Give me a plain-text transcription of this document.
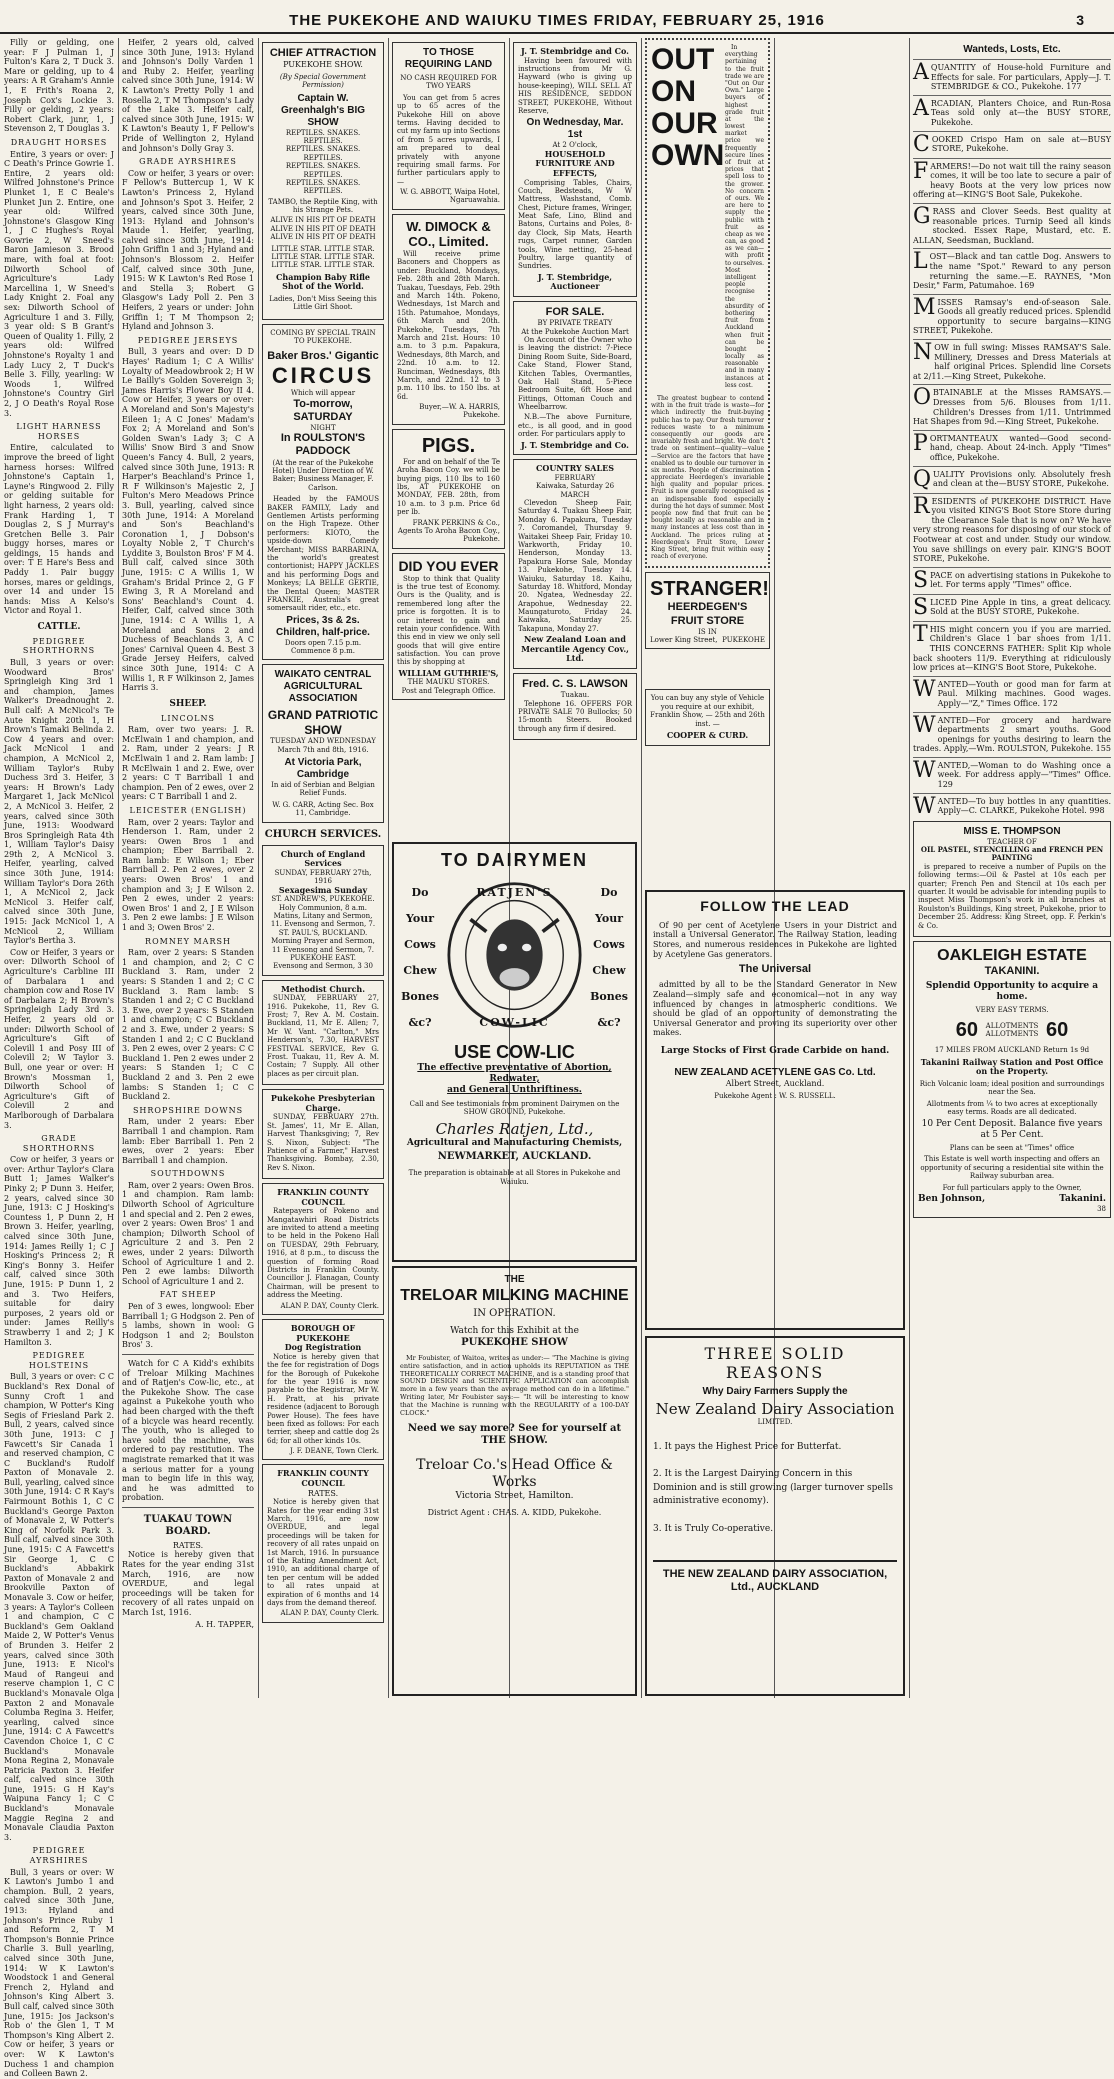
THE PUKEKOHE AND WAIUKU TIMES FRIDAY, FEBRUARY 25, 1916	3

Filly or gelding, one year: F J Pulman 1, J Fulton's Kara 2, T Duck 3. Mare or gelding, up to 4 years: A R Graham's Annie 1, E Frith's Roana 2, Joseph Cox's Lockie 3. Filly or gelding, 2 years: Robert Clark, junr, 1, J Stevenson 2, T Douglas 3.

DRAUGHT HORSES

Entire, 3 years or over: J C Death's Prince Gowrie 1. Entire, 2 years old: Wilfred Johnstone's Prince Plunket 1, E C Beale's Plunket Jun 2. Entire, one year old: Wilfred Johnstone's Glasgow King 1, J C Hughes's Royal Gowrie 2, W Sneed's Baron Jamieson 3. Brood mare, with foal at foot: Dilworth School of Agriculture's Lady Marcellina 1, W Sneed's Lady Knight 2. Foal any sex: Dilworth School of Agriculture 1 and 3. Filly, 3 year old: S B Grant's Queen of Quality 1. Filly, 2 years old: Wilfred Johnstone's Royalty 1 and Lady Lucy 2, T Duck's Belle 3. Filly, yearling: W Woods 1, Wilfred Johnstone's Country Girl 2, J O Death's Royal Rose 3.

LIGHT HARNESS HORSES

Entire, calculated to improve the breed of light harness horses: Wilfred Johnstone's Captain 1, Layne's Ringwood 2. Filly or gelding suitable for light harness, 2 years old: Frank Harding 1, T Douglas 2, S J Murray's Gretchen Belle 3. Pair buggy horses, mares or geldings, 15 hands and over: T E Hare's Bess and Paddy 1. Pair buggy horses, mares or geldings, over 14 and under 15 hands: Miss A Kelso's Victor and Royal 1.

CATTLE.
PEDIGREE SHORTHORNS

Bull, 3 years or over: Woodward Bros' Springleigh King 3rd 1 and champion, James Walker's Dreadnought 2. Bull calf: A McNicol's Te Aute Knight 20th 1, H Brown's Tamaki Belinda 2. Cow 4 years and over: Jack McNicol 1 and champion, A McNicol 2, William Taylor's Ruby Duchess 3rd 3. Heifer, 3 years: H Brown's Lady Margaret 1, Jack McNicol 2, A McNicol 3. Heifer, 2 years, calved since 30th June, 1913: Woodward Bros Springleigh Rata 4th 1, William Taylor's Daisy 29th 2, A McNicol 3. Heifer, yearling, calved since 30th June, 1914: William Taylor's Dora 26th 1, A McNicol 2, Jack McNicol 3. Heifer calf, calved since 30th June, 1915: Jack McNicol 1, A McNicol 2, William Taylor's Bertha 3.

Cow or Heifer, 3 years or over: Dilworth School of Agriculture's Carbline III of Darbalara 1 and champion cow and Rose IV of Darbalara 2; H Brown's Springleigh Lady 3rd 3. Heifer, 2 years old or under: Dilworth School of Agriculture's Gift of Colevill 1 and Posy III of Colevill 2; W Taylor 3. Bull, one year or over: H Brown's Mossman 1, Dilworth School of Agriculture's Gift of Colevill 2 and Marlborough of Darbalara 3.

GRADE SHORTHORNS

Cow or heifer, 3 years or over: Arthur Taylor's Clara Butt 1; James Walker's Pinky 2; P Dunn 3. Heifer, 2 years, calved since 30 June, 1913: C J Hosking's Countess 1, P Dunn 2, H Brown 3. Heifer, yearling, calved since 30th June, 1914: James Reilly 1; C J Hosking's Princess 2; R King's Bonny 3. Heifer calf, calved since 30th June, 1915: P Dunn 1, 2 and 3. Two Heifers, suitable for dairy purposes, 2 years old or under: James Reilly's Strawberry 1 and 2; J K Hamilton 3.

PEDIGREE HOLSTEINS

Bull, 3 years or over: C C Buckland's Rex Donal of Sunny Croft 1 and champion, W Potter's King Segis of Friesland Park 2. Bull, 2 years, calved since 30th June, 1913: C J Fawcett's Sir Canada 1 and reserved champion, C C Buckland's Rudolf Paxton of Monavale 2. Bull, yearling, calved since 30th June, 1914: C R Kay's Fairmount Bothis 1, C C Buckland's George Paxton of Monavale 2, W Potter's King of Norfolk Park 3. Bull calf, calved since 30th June, 1915: C A Fawcett's Sir George 1, C C Buckland's Abbakirk Paxton of Monavale 2 and Brookville Paxton of Monavale 3. Cow or heifer, 3 years: A Taylor's Colleen 1 and champion, C C Buckland's Gem Oakland Maide 2, W Potter's Venus of Brunden 3. Heifer 2 years, calved since 30th June, 1913: E Nicol's Maud of Rangeui and reserve champion 1, C C Buckland's Monavale Olga Paxton 2 and Monavale Columba Regina 3. Heifer, yearling, calved since June, 1914: C A Fawcett's Cavendon Choice 1, C C Buckland's Monavale Mona Regina 2, Monavale Patricia Paxton 3. Heifer calf, calved since 30th June, 1915: G H Kay's Waipuna Fancy 1; C C Buckland's Monavale Maggie Regina 2 and Monavale Claudia Paxton 3.

PEDIGREE AYRSHIRES

Bull, 3 years or over: W K Lawton's Jumbo 1 and champion. Bull, 2 years, calved since 30th June, 1913: Hyland and Johnson's Prince Ruby 1 and Reform 2, T M Thompson's Bonnie Prince Charlie 3. Bull yearling, calved since 30th June, 1914: W K Lawton's Woodstock 1 and General French 2, Hyland and Johnson's King Albert 3. Bull calf, calved since 30th June, 1915: Jos Jackson's Rob o' the Glen 1, T M Thompson's King Albert 2. Cow or heifer, 3 years or over: W K Lawton's Duchess 1 and champion and Colleen Bawn 2.

Heifer, 2 years old, calved since 30th June, 1913: Hyland and Johnson's Dolly Varden 1 and Ruby 2. Heifer, yearling calved since 30th June, 1914: W K Lawton's Pretty Polly 1 and Rosella 2, T M Thompson's Lady of the Lake 3. Heifer calf, calved since 30th June, 1915: W K Lawton's Beauty 1, F Pellow's Pride of Wellington 2, Hyland and Johnson's Dolly Gray 3.

GRADE AYRSHIRES

Cow or heifer, 3 years or over: F Pellow's Buttercup 1, W K Lawton's Princess 2, Hyland and Johnson's Spot 3. Heifer, 2 years, calved since 30th June, 1913: Hyland and Johnson's Maude 1. Heifer, yearling, calved since 30th June, 1914: John Griffin 1 and 3; Hyland and Johnson's Blossom 2. Heifer Calf, calved since 30th June, 1915: W K Lawton's Red Rose 1 and Stella 3; Robert G Glasgow's Lady Poll 2. Pen 3 Heifers, 2 years or under: John Griffin 1; T M Thompson 2; Hyland and Johnson 3.

PEDIGREE JERSEYS

Bull, 3 years and over: D D Hayes' Radium 1; C A Willis' Loyalty of Meadowbrook 2; H W Le Bailly's Golden Sovereign 3; James Harris's Flower Boy II 4. Cow or Heifer, 3 years or over: A Moreland and Son's Majesty's Eileen 1; A C Jones' Madam's Fox 2; A Moreland and Son's Golden Swan's Lady 3; C A Willis' Snow Bird 3 and Snow Queen's Fancy 4. Bull, 2 years, calved since 30th June, 1913: R Harper's Beachland's Prince 1, R F Wilkinson's Majestic 2, J Fulton's Mero Meadows Prince 3. Bull, yearling, calved since 30th June, 1914: A Moreland and Son's Beachland's Coronation 1, J Dobson's Loyalty Noble 2, T Church's Lyddite 3, Boulston Bros' F M 4. Bull calf, calved since 30th June, 1915: C A Willis 1, W Graham's Bridal Prince 2, G F Ewing 3, R A Moreland and Sons' Beachland's Count 4. Heifer, Calf, calved since 30th June, 1914: C A Willis 1, A Moreland and Sons 2 and Duchess of Beachlands 3, A C Jones' Carnival Queen 4. Best 3 Grade Jersey Heifers, calved since 30th June, 1914: C A Willis 1, R F Wilkinson 2, James Harris 3.

SHEEP.
LINCOLNS

Ram, over two years: J. R. McElwain 1 and champion, and 2. Ram, under 2 years: J R McElwain 1 and 2. Ram lamb: J R McElwain 1 and 2. Ewe, over 2 years: C T Barriball 1 and champion. Pen of 2 ewes, over 2 years: C T Barriball 1 and 2.

LEICESTER (ENGLISH)

Ram, over 2 years: Taylor and Henderson 1. Ram, under 2 years: Owen Bros 1 and champion; Eber Barriball 2. Ram lamb: E Wilson 1; Eber Barriball 2. Pen 2 ewes, over 2 years: Owen Bros' 1 and champion and 3; J E Wilson 2. Pen 2 ewes, under 2 years: Owen Bros' 1 and 2, J E Wilson 3. Pen 2 ewe lambs: J E Wilson 1 and 3; Owen Bros' 2.

ROMNEY MARSH

Ram, over 2 years: S Standen 1 and champion, and 2; C C Buckland 3. Ram, under 2 years: S Standen 1 and 2; C C Buckland 3. Ram lamb: S Standen 1 and 2; C C Buckland 3. Ewe, over 2 years: S Standen 1 and champion; C C Buckland 2 and 3. Ewe, under 2 years: S Standen 1 and 2; C C Buckland 3. Pen 2 ewes, over 2 years: C C Buckland 1. Pen 2 ewes under 2 years: S Standen 1; C C Buckland 2 and 3. Pen 2 ewe lambs: S Standen 1; C C Buckland 2.

SHROPSHIRE DOWNS

Ram, under 2 years: Eber Barriball 1 and champion. Ram lamb: Eber Barriball 1. Pen 2 ewes, over 2 years: Eber Barriball 1 and champion.

SOUTHDOWNS

Ram, over 2 years: Owen Bros. 1 and champion. Ram lamb: Dilworth School of Agriculture 1 and special and 2. Pen 2 ewes, over 2 years: Owen Bros' 1 and champion; Dilworth School of Agriculture 2 and 3. Pen 2 ewes, under 2 years: Dilworth School of Agriculture 1 and 2. Pen 2 ewe lambs: Dilworth School of Agriculture 1 and 2.

FAT SHEEP

Pen of 3 ewes, longwool: Eber Barriball 1; G Hodgson 2. Pen of 5 lambs, shown in wool: G Hodgson 1 and 2; Boulston Bros' 3.

Watch for C A Kidd's exhibits of Treloar Milking Machines and of Ratjen's Cow-lic, etc., at the Pukekohe Show. The case against a Pukekohe youth who had been charged with the theft of a bicycle was heard recently. The youth, who is alleged to have sold the machine, was ordered to pay restitution. The magistrate remarked that it was a serious matter for a young man to begin life in this way, and he was admitted to probation.

TUAKAU TOWN BOARD.
RATES.

Notice is hereby given that Rates for the year ending 31st March, 1916, are now OVERDUE, and legal proceedings will be taken for recovery of all rates unpaid on March 1st, 1916.

A. H. TAPPER,

CHIEF ATTRACTION
PUKEKOHE SHOW.
(By Special Government Permission)
Captain W. Greenhalgh's BIG SHOW
REPTILES. SNAKES. REPTILES.
REPTILES. SNAKES. REPTILES.
REPTILES. SNAKES. REPTILES.
REPTILES. SNAKES. REPTILES.
TAMBO, the Reptile King, with his Strange Pets.
ALIVE IN HIS PIT OF DEATH
ALIVE IN HIS PIT OF DEATH
ALIVE IN HIS PIT OF DEATH
LITTLE STAR. LITTLE STAR.
LITTLE STAR. LITTLE STAR.
LITTLE STAR. LITTLE STAR.
Champion Baby Rifle Shot of the World.
Ladies, Don't Miss Seeing this Little Girl Shoot.
COMING BY SPECIAL TRAIN TO PUKEKOHE.
Baker Bros.' Gigantic
CIRCUS
Which will appear
To-morrow, SATURDAY
NIGHT
In ROULSTON'S PADDOCK
(At the rear of the Pukekohe Hotel) Under Direction of W. Baker; Business Manager, F. Carlson.

Headed by the FAMOUS BAKER FAMILY, Lady and Gentlemen Artists performing on the High Trapeze. Other performers: KIOTO, the upside-down Comedy Merchant; MISS BARBARINA, the world's greatest contortionist; HAPPY JACKLES and his performing Dogs and Monkeys; LA BELLE GERTIE, the Dental Queen; MASTER FRANKIE, Australia's great somersault rider, etc., etc.

Prices, 3s & 2s. Children, half-price.
Doors open 7.15 p.m. Commence 8 p.m.
WAIKATO CENTRAL AGRICULTURAL ASSOCIATION
GRAND PATRIOTIC SHOW
TUESDAY AND WEDNESDAY March 7th and 8th, 1916.
At Victoria Park, Cambridge
In aid of Serbian and Belgian Relief Funds.
W. G. CARR, Acting Sec. Box 11, Cambridge.
CHURCH SERVICES.
Church of England Services
SUNDAY, FEBRUARY 27th, 1916
Sexagesima Sunday
ST. ANDREW'S, PUKEKOHE.
Holy Communion, 8 a.m. Matins, Litany and Sermon, 11. Evensong and Sermon, 7.
ST. PAUL'S, BUCKLAND.
Morning Prayer and Sermon, 11 Evensong and Sermon, 7.
PUKEKOHE EAST.
Evensong and Sermon, 3 30
Methodist Church.

SUNDAY, FEBRUARY 27, 1916. Pukekohe, 11, Rev G. Frost; 7, Rev A. M. Costain. Buckland, 11, Mr E. Allen; 7, Mr W. Vant. "Carlton," Mrs Henderson's, 7.30, HARVEST FESTIVAL SERVICE, Rev G. Frost. Tuakau, 11, Rev A. M. Costain; 7 Supply. All other places as per circuit plan.

Pukekohe Presbyterian Charge.

SUNDAY, FEBRUARY 27th. St. James', 11, Mr E. Allan, Harvest Thanksgiving; 7, Rev S. Nixon, Subject: "The Patience of a Farmer," Harvest Thanksgiving. Bombay, 2.30, Rev S. Nixon.

FRANKLIN COUNTY COUNCIL

Ratepayers of Pokeno and Mangatawhiri Road Districts are invited to attend a meeting to be held in the Pokeno Hall on TUESDAY, 29th February, 1916, at 8 p.m., to discuss the question of forming Road Districts in Franklin County. Councillor J. Flanagan, County Chairman, will be present to address the Meeting.

ALAN P. DAY, County Clerk.
BOROUGH OF PUKEKOHE
Dog Registration

Notice is hereby given that the fee for registration of Dogs for the Borough of Pukekohe for the year 1916 is now payable to the Registrar, Mr W. H. Pratt, at his private residence (adjacent to Borough Power House). The fees have been fixed as follows: For each terrier, sheep and cattle dog 2s 6d; for all other kinds 10s.

J. F. DEANE, Town Clerk.
FRANKLIN COUNTY COUNCIL
RATES.

Notice is hereby given that Rates for the year ending 31st March, 1916, are now OVERDUE, and legal proceedings will be taken for recovery of all rates unpaid on 1st March, 1916. In pursuance of the Rating Amendment Act, 1910, an additional charge of ten per centum will be added to all rates unpaid at expiration of 6 months and 14 days from the demand thereof.

ALAN P. DAY, County Clerk.
TO THOSE REQUIRING LAND
NO CASH REQUIRED FOR TWO YEARS

You can get from 5 acres up to 65 acres of the Pukekohe Hill on above terms. Having decided to cut my farm up into Sections of from 5 acres upwards, I am prepared to deal privately with anyone requiring small farms. For further particulars apply to—

W. G. ABBOTT, Waipa Hotel, Ngaruawahia.
W. DIMOCK & CO., Limited.

Will receive prime Baconers and Choppers as under: Buckland, Mondays, Feb. 28th and 28th March. Tuakau, Tuesdays, Feb. 29th and March 14th. Pokeno, Wednesdays, 1st March and 15th. Patumahoe, Mondays, 6th March and 20th. Pukekohe, Tuesdays, 7th March and 21st. Hours: 10 a.m. to 3 p.m. Papakura, Wednesdays, 8th March, and 22nd. 10 a.m. to 12. Runciman, Wednesdays, 8th March, and 22nd. 12 to 3 p.m. 110 lbs. to 150 lbs. at 6d.

Buyer,—W. A. HARRIS, Pukekohe.
PIGS.

For and on behalf of the Te Aroha Bacon Coy. we will be buying pigs, 110 lbs to 160 lbs, AT PUKEKOHE on MONDAY, FEB. 28th, from 10 a.m. to 3 p.m. Price 6d per lb.

FRANK PERKINS & Co., Agents To Aroha Bacon Coy., Pukekohe.
DID YOU EVER

Stop to think that Quality is the true test of Economy. Ours is the Quality, and is remembered long after the price is forgotten. It is to our interest to gain and retain your confidence. With this end in view we only sell goods that will give entire satisfaction. You can prove this by shopping at

WILLIAM GUTHRIE'S,
THE MAUKU STORES.
Post and Telegraph Office.
J. T. Stembridge and Co.

Having been favoured with instructions from Mr G. Hayward (who is giving up house-keeping), WILL SELL AT HIS RESIDENCE, SEDDON STREET, PUKEKOHE, Without Reserve,

On Wednesday, Mar. 1st
At 2 O'clock,
HOUSEHOLD FURNITURE AND EFFECTS,

Comprising Tables, Chairs, Couch, Bedsteads, W W Mattress, Washstand, Comb. Chest, Picture frames, Wringer, Meat Safe, Lino, Blind and Batons, Curtains and Poles, 8-day Clock, Sip Mats, Hearth rugs, Carpet runner, Garden tools, Wine netting, 25-head Poultry, large quantity of Sundries.

J. T. Stembridge, Auctioneer
FOR SALE.
BY PRIVATE TREATY
At the Pukekohe Auction Mart

On Account of the Owner who is leaving the district: 7-Piece Dining Room Suite, Side-Board, Cake Stand, Flower Stand, Kitchen Tables, Overmantles, Oak Hall Stand, 5-Piece Bedroom Suite, 6ft Hose and Fittings, Ottoman Couch and Wheelbarrow.

N.B.—The above Furniture, etc., is all good, and in good order. For particulars apply to

J. T. Stembridge and Co.
COUNTRY SALES
FEBRUARY
Kaiwaka, Saturday 26
MARCH

Clevedon Sheep Fair, Saturday 4. Tuakau Sheep Fair, Monday 6. Papakura, Tuesday 7. Coromandel, Thursday 9. Waitakei Sheep Fair, Friday 10. Warkworth, Friday 10. Henderson, Monday 13. Papakura Horse Sale, Monday 13. Pukekohe, Tuesday 14. Waiuku, Saturday 18. Kaihu, Saturday 18. Whitford, Monday 20. Ngatea, Wednesday 22. Arapohue, Wednesday 22. Maungaturoto, Friday 24. Kaiwaka, Saturday 25. Takapuna, Monday 27.

New Zealand Loan and Mercantile Agency Cov., Ltd.
Fred. C. S. LAWSON
Tuakau.

Telephone 16. OFFERS FOR PRIVATE SALE 70 Bullocks; 50 15-month Steers. Booked through any firm if desired.

OUT
ON
OUR
OWN

In everything pertaining to the fruit trade we are "Out on Our Own." Large buyers of highest grade fruit at the lowest market price we frequently secure lines of fruit at prices that spell loss to the grower. No concern of ours. We are here to supply the public with fruit as cheap as we can, as good as we can—with profit to ourselves. Most intelligent people recognise the absurdity of bothering fruit from Auckland when fruit can be bought locally as reasonable and in many instances at less cost.

The greatest bugbear to contend with in the fruit trade is waste—for which indirectly the fruit-buying public has to pay. Our fresh turnover reduces waste to a minimum consequently our goods are invariably fresh and bright. We don't trade on sentiment—quality—value—Service are the factors that have enabled us to double our turnover in six months. People of discrimination appreciate Heerdegen's invariable high quality and popular prices. Fruit is now generally recognised as an indispensable food especially during the hot days of summer. Most people now find that fruit can be bought locally as reasonable and in many instances at less cost than in Auckland. The prices ruling at Heerdegen's Fruit Store, Lower King Street, bring fruit within easy reach of everyone.

STRANGER!
HEERDEGEN'S FRUIT STORE
IS IN
Lower King Street, PUKEKOHE

You can buy any style of Vehicle you require at our exhibit, Franklin Show, — 25th and 26th inst. —

COOPER & CURD.
TO DAIRYMEN
Do
Your
Cows
Chew
Bones
&c?
RATJEN'S
COW-LIC
Do
Your
Cows
Chew
Bones
&c?
USE COW-LIC
The effective preventative of Abortion, Redwater,
and General Unthriftiness.
Call and See testimonials from prominent Dairymen on the SHOW GROUND, Pukekohe.
Charles Ratjen, Ltd.,
Agricultural and Manufacturing Chemists,
NEWMARKET, AUCKLAND.
The preparation is obtainable at all Stores in Pukekohe and Waiuku.
THE
TRELOAR MILKING MACHINE
IN OPERATION.
Watch for this Exhibit at the
PUKEKOHE SHOW

Mr Foubister, of Waitoa, writes as under:— "The Machine is giving entire satisfaction, and in action upholds its REPUTATION as THE THEORETICALLY CORRECT MACHINE, and is a standing proof that SOUND DESIGN and SCIENTIFIC APPLICATION can accomplish more in a few years than the average method can do in a lifetime." Writing later, Mr Foubister says:— "It will be interesting to know that the Machine is running with the REGULARITY of a 100-DAY CLOCK."

Need we say more? See for yourself at THE SHOW.
Treloar Co.'s Head Office & Works
Victoria Street, Hamilton.
District Agent : CHAS. A. KIDD, Pukekohe.
FOLLOW THE LEAD

Of 90 per cent of Acetylene Users in your District and install a Universal Generator. The Railway Station, leading Stores, and numerous residences in Pukekohe are lighted by Acetylene Gas generators.

The Universal

admitted by all to be the Standard Generator in New Zealand—simply safe and economical—not in any way influenced by changes in atmospheric conditions. We should be glad of an opportunity of demonstrating the Universal Generator and proving its superiority over other makes.

Large Stocks of First Grade Carbide on hand.
NEW ZEALAND ACETYLENE GAS Co. Ltd.
Albert Street, Auckland.
Pukekohe Agent : W. S. RUSSELL.
THREE SOLID REASONS
Why Dairy Farmers Supply the
New Zealand Dairy Association
LIMITED.
1. It pays the Highest Price for Butterfat.
2. It is the Largest Dairying Concern in this Dominion and is still growing (larger turnover spells administrative economy).
3. It is Truly Co-operative.
THE NEW ZEALAND DAIRY ASSOCIATION, Ltd., AUCKLAND
Wanteds, Losts, Etc.
AQUANTITY of House-hold Furniture and Effects for sale. For particulars, Apply—J. T. STEMBRIDGE & CO., Pukekohe. 177
ARCADIAN, Planters Choice, and Run-Rosa Teas sold only at—the BUSY STORE, Pukekohe.
COOKED Crispo Ham on sale at—BUSY STORE, Pukekohe.
FARMERS!—Do not wait till the rainy season comes, it will be too late to secure a pair of heavy Boots at the very low prices now offering at—KING'S Boot Sale, Pukekohe.
GRASS and Clover Seeds. Best quality at reasonable prices. Turnip Seed all kinds stocked. Essex Rape, Mustard, etc. E. ALLAN, Seedsman, Buckland.
LOST—Black and tan cattle Dog. Answers to the name "Spot." Reward to any person returning the same.—E. RAYNES, "Mon Desir," Farm, Patumahoe. 169
MISSES Ramsay's end-of-season Sale. Goods all greatly reduced prices. Splendid opportunity to secure bargains—KING STREET, Pukekohe.
NOW in full swing: Misses RAMSAY'S Sale. Millinery, Dresses and Dress Materials at half original Prices. Splendid line Corsets at 2/11.—King Street, Pukekohe.
OBTAINABLE at the Misses RAMSAYS.—Dresses from 5/6. Blouses from 1/11. Children's Dresses from 1/11. Untrimmed Hat Shapes from 9d.—King Street, Pukekohe.
PORTMANTEAUX wanted—Good second-hand, cheap. About 24-inch. Apply "Times" office, Pukekohe.
QUALITY Provisions only. Absolutely fresh and clean at the—BUSY STORE, Pukekohe.
RESIDENTS of PUKEKOHE DISTRICT. Have you visited KING'S Boot Store Store during the Clearance Sale that is now on? We have very strong reasons for disposing of our stock of Footwear at cost and under. Study our window. You save shillings on every pair. KING'S BOOT STORE, Pukekohe.
SPACE on advertising stations in Pukekohe to let. For terms apply "Times" office.
SLICED Pine Apple in tins, a great delicacy. Sold at the BUSY STORE, Pukekohe.
THIS might concern you if you are married. Children's Glace 1 bar shoes from 1/11. THIS CONCERNS FATHER: Split Kip whole back shooters 11/9. Everything at ridiculously low prices at—KING'S Boot Store, Pukekohe.
WANTED—Youth or good man for farm at Paul. Milking machines. Good wages. Apply—"Z," Times Office. 172
WANTED—For grocery and hardware departments 2 smart youths. Good openings for youths desiring to learn the trades. Apply,—Wm. ROULSTON, Pukekohe. 155
WANTED,—Woman to do Washing once a week. For address apply—"Times" Office. 129
WANTED—To buy bottles in any quantities. Apply—C. CLARKE, Pukekohe Hotel. 998
MISS E. THOMPSON
TEACHER OF
OIL PASTEL, STENCILLING and FRENCH PEN PAINTING

is prepared to receive a number of Pupils on the following terms:—Oil & Pastel at 10s each per quarter; French Pen and Stencil at 10s each per quarter. It would be advisable for intending pupils to inspect Miss Thompson's work in all branches at Roulston's Buildings, King street, Pukekohe, prior to December 25. Address: King Street, opp. F. Perkin's & Co.

OAKLEIGH ESTATE
TAKANINI.
Splendid Opportunity to acquire a home.
VERY EASY TERMS.
60	ALLOTMENTS ALLOTMENTS 60
17 MILES FROM AUCKLAND Return 1s 9d
Takanini Railway Station and Post Office on the Property.
Rich Volcanic loam; ideal position and surroundings near the Sea.
Allotments from ¼ to two acres at exceptionally easy terms. Roads are all dedicated.
10 Per Cent Deposit. Balance five years at 5 Per Cent.
Plans can be seen at "Times" office
This Estate is well worth inspecting and offers an opportunity of securing a residential site within the Railway suburban area.
For full particulars apply to the Owner,
Ben Johnson,	Takanini.
38
